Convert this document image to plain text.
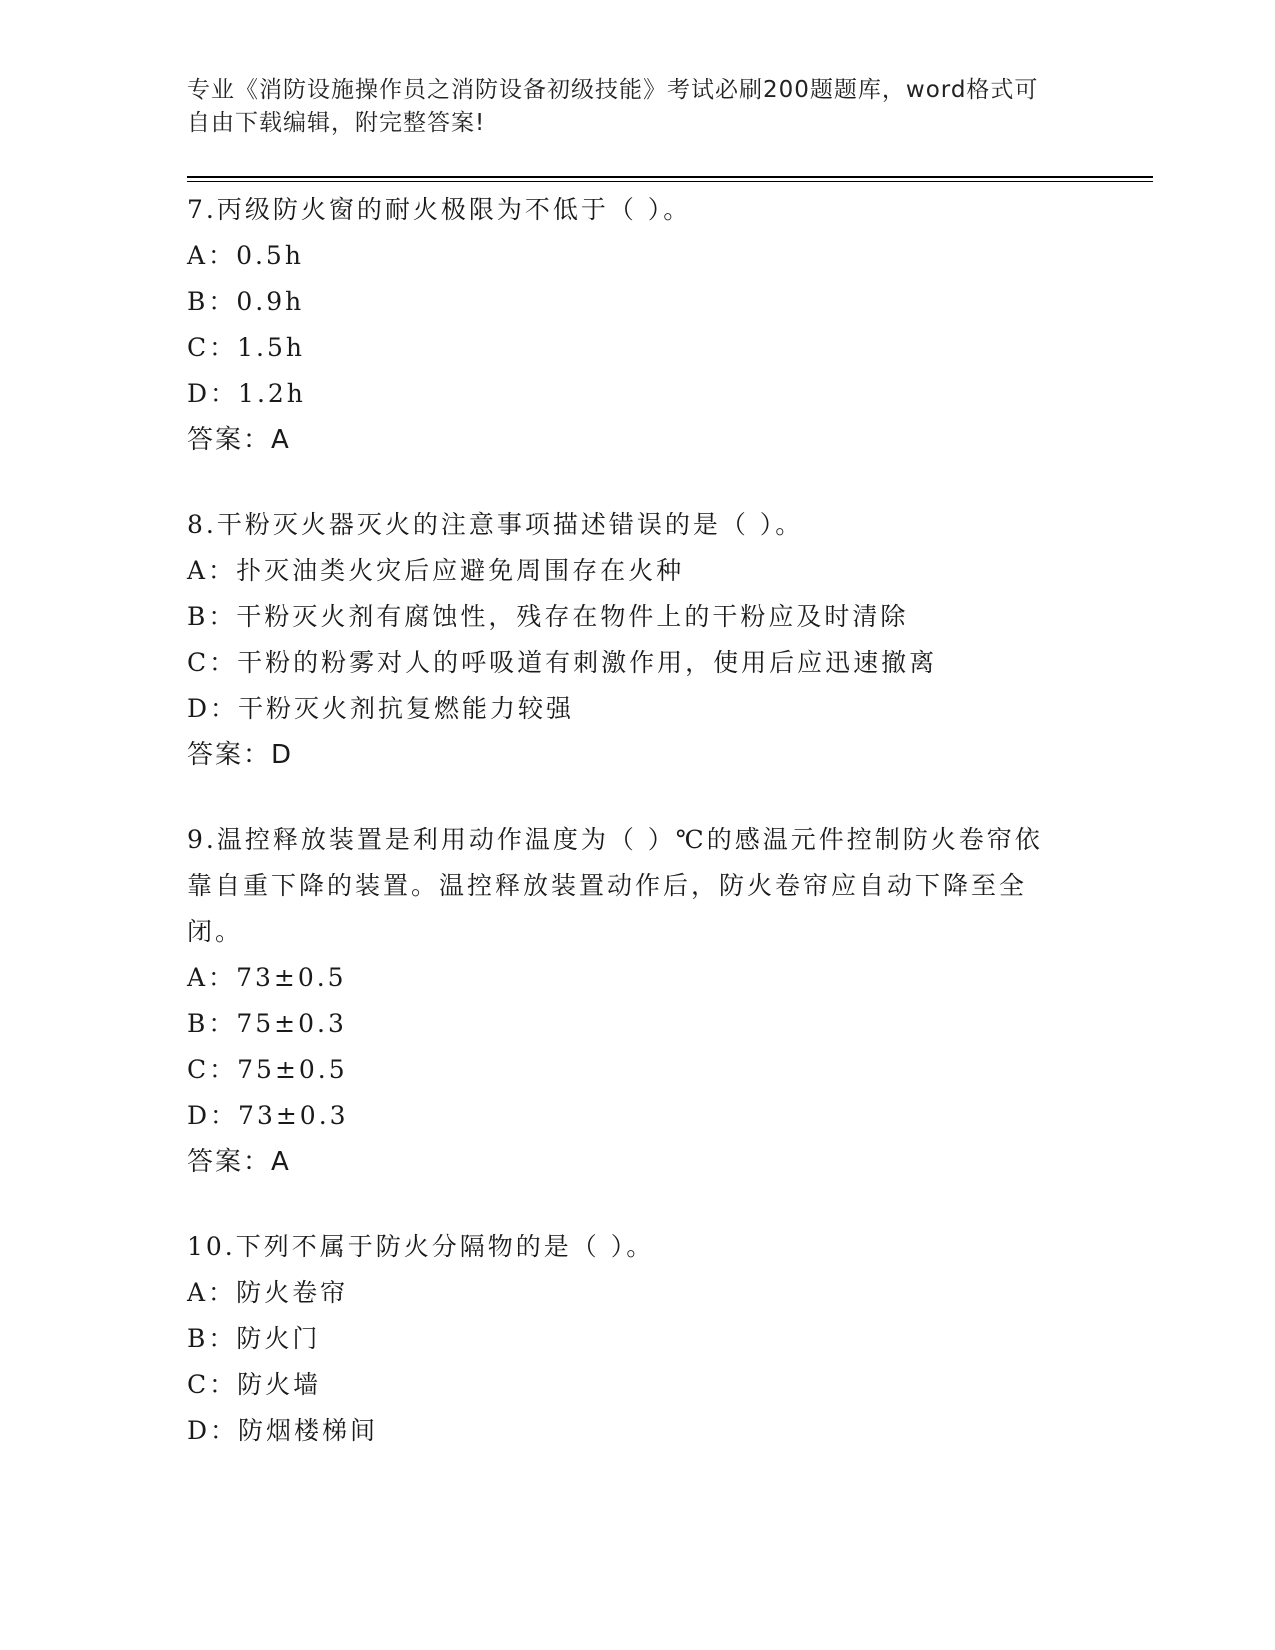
专业《消防设施操作员之消防设备初级技能》考试必刷200题题库，word格式可
自由下载编辑，附完整答案!

7.丙级防火窗的耐火极限为不低于（ ）。

A：0.5h

B：0.9h

C：1.5h

D：1.2h

答案：A

8.干粉灭火器灭火的注意事项描述错误的是（ ）。

A：扑灭油类火灾后应避免周围存在火种

B：干粉灭火剂有腐蚀性，残存在物件上的干粉应及时清除

C：干粉的粉雾对人的呼吸道有刺激作用，使用后应迅速撤离

D：干粉灭火剂抗复燃能力较强

答案：D

9.温控释放装置是利用动作温度为（ ）℃的感温元件控制防火卷帘依靠自重下降的装置。温控释放装置动作后，防火卷帘应自动下降至全闭。

A：73±0.5

B：75±0.3

C：75±0.5

D：73±0.3

答案：A

10.下列不属于防火分隔物的是（ ）。

A：防火卷帘

B：防火门

C：防火墙

D：防烟楼梯间
